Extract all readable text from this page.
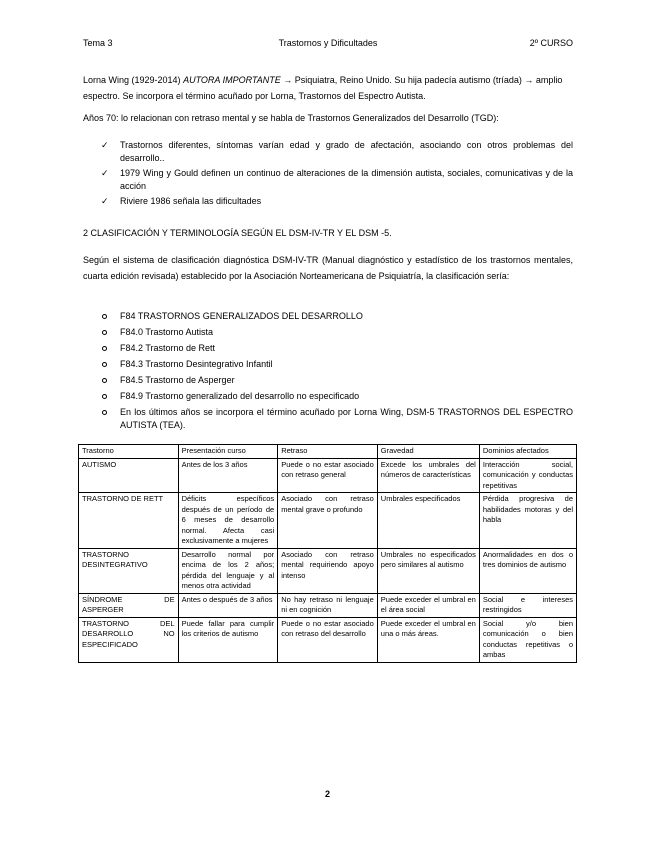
Tema 3	Trastornos y Dificultades	2º CURSO

Lorna Wing (1929-2014) AUTORA IMPORTANTE → Psiquiatra, Reino Unido. Su hija padecía autismo (tríada) → amplio espectro. Se incorpora el término acuñado por Lorna, Trastornos del Espectro Autista.

Años 70: lo relacionan con retraso mental y se habla de Trastornos Generalizados del Desarrollo (TGD):

✓ Trastornos diferentes, síntomas varían edad y grado de afectación, asociando con otros problemas del desarrollo..
✓ 1979 Wing y Gould definen un continuo de alteraciones de la dimensión autista, sociales, comunicativas y de la acción
✓ Riviere 1986 señala las dificultades

2 CLASIFICACIÓN Y TERMINOLOGÍA SEGÚN EL DSM-IV-TR Y EL DSM -5.

Según el sistema de clasificación diagnóstica DSM-IV-TR (Manual diagnóstico y estadístico de los trastornos mentales, cuarta edición revisada) establecido por la Asociación Norteamericana de Psiquiatría, la clasificación sería:

F84 TRASTORNOS GENERALIZADOS DEL DESARROLLO
F84.0 Trastorno Autista
F84.2 Trastorno de Rett
F84.3 Trastorno Desintegrativo Infantil
F84.5 Trastorno de Asperger
F84.9 Trastorno generalizado del desarrollo no especificado
En los últimos años se incorpora el término acuñado por Lorna Wing, DSM-5 TRASTORNOS DEL ESPECTRO AUTISTA (TEA).
Trastorno	Presentación curso	Retraso	Gravedad	Dominios afectados
AUTISMO	Antes de los 3 años	Puede o no estar asociado con retraso general	Excede los umbrales del números de características	Interacción social, comunicación y conductas repetitivas
TRASTORNO DE RETT	Déficits específicos después de un período de 6 meses de desarrollo normal. Afecta casi exclusivamente a mujeres	Asociado con retraso mental grave o profundo	Umbrales especificados	Pérdida progresiva de habilidades motoras y del habla
TRASTORNO DESINTEGRATIVO	Desarrollo normal por encima de los 2 años; pérdida del lenguaje y al menos otra actividad	Asociado con retraso mental requiriendo apoyo intenso	Umbrales no especificados pero similares al autismo	Anormalidades en dos o tres dominios de autismo
SÍNDROME DE ASPERGER	Antes o después de 3 años	No hay retraso ni lenguaje ni en cognición	Puede exceder el umbral en el área social	Social e intereses restringidos
TRASTORNO DEL DESARROLLO NO ESPECIFICADO	Puede fallar para cumplir los criterios de autismo	Puede o no estar asociado con retraso del desarrollo	Puede exceder el umbral en una o más áreas.	Social y/o bien comunicación o bien conductas repetitivas o ambas
2
